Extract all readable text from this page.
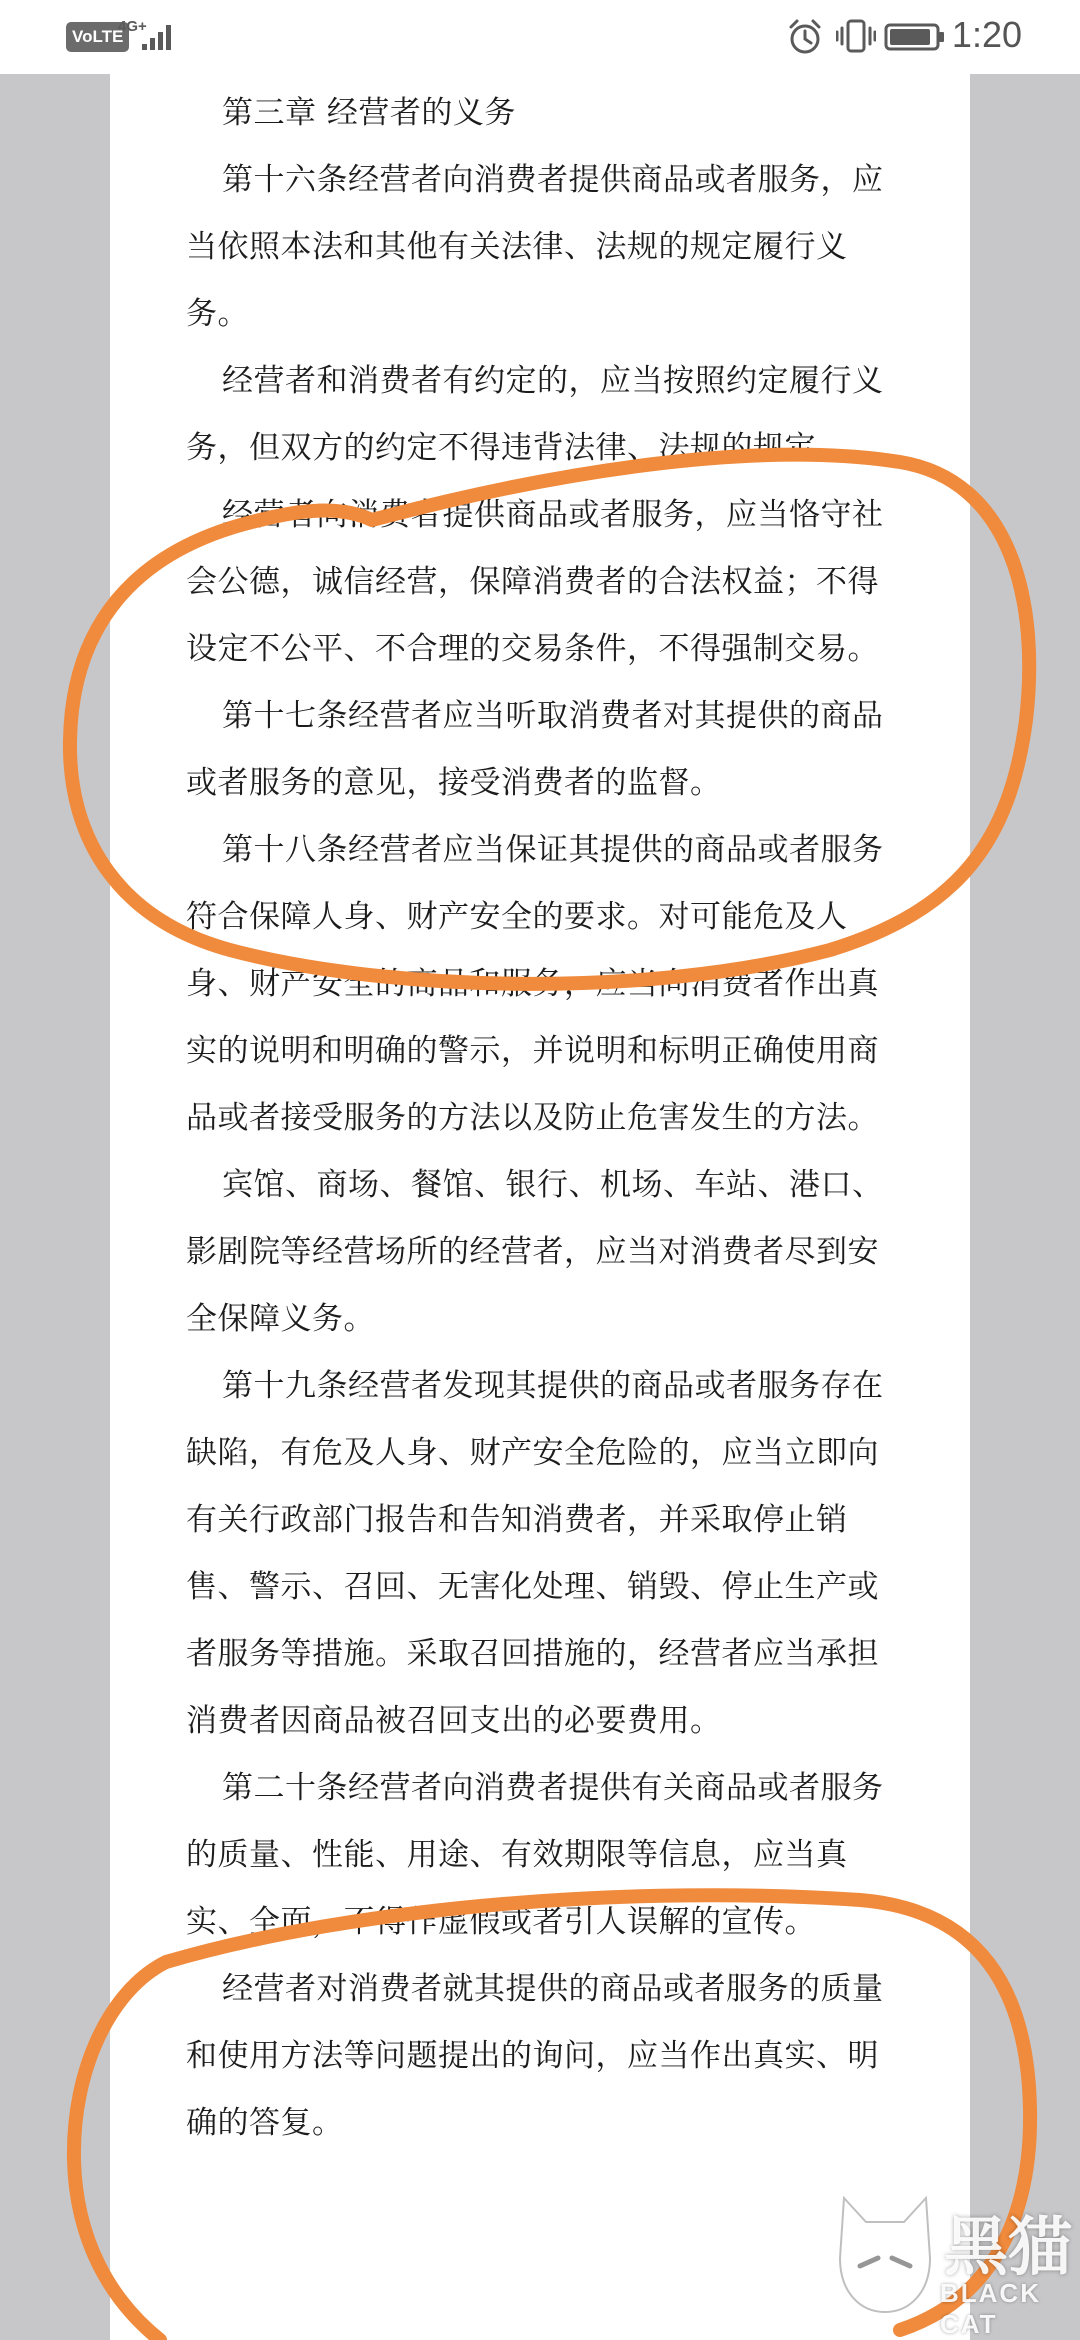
VoLTE
4G+	1:20

第三章 经营者的义务

第十六条经营者向消费者提供商品或者服务，应当依照本法和其他有关法律、法规的规定履行义务。

经营者和消费者有约定的，应当按照约定履行义务，但双方的约定不得违背法律、法规的规定。

经营者向消费者提供商品或者服务，应当恪守社会公德，诚信经营，保障消费者的合法权益；不得设定不公平、不合理的交易条件，不得强制交易。

第十七条经营者应当听取消费者对其提供的商品或者服务的意见，接受消费者的监督。

第十八条经营者应当保证其提供的商品或者服务符合保障人身、财产安全的要求。对可能危及人身、财产安全的商品和服务，应当向消费者作出真实的说明和明确的警示，并说明和标明正确使用商品或者接受服务的方法以及防止危害发生的方法。

宾馆、商场、餐馆、银行、机场、车站、港口、影剧院等经营场所的经营者，应当对消费者尽到安全保障义务。

第十九条经营者发现其提供的商品或者服务存在缺陷，有危及人身、财产安全危险的，应当立即向有关行政部门报告和告知消费者，并采取停止销售、警示、召回、无害化处理、销毁、停止生产或者服务等措施。采取召回措施的，经营者应当承担消费者因商品被召回支出的必要费用。

第二十条经营者向消费者提供有关商品或者服务的质量、性能、用途、有效期限等信息，应当真实、全面，不得作虚假或者引人误解的宣传。

经营者对消费者就其提供的商品或者服务的质量和使用方法等问题提出的询问，应当作出真实、明确的答复。

黑猫
BLACK CAT
